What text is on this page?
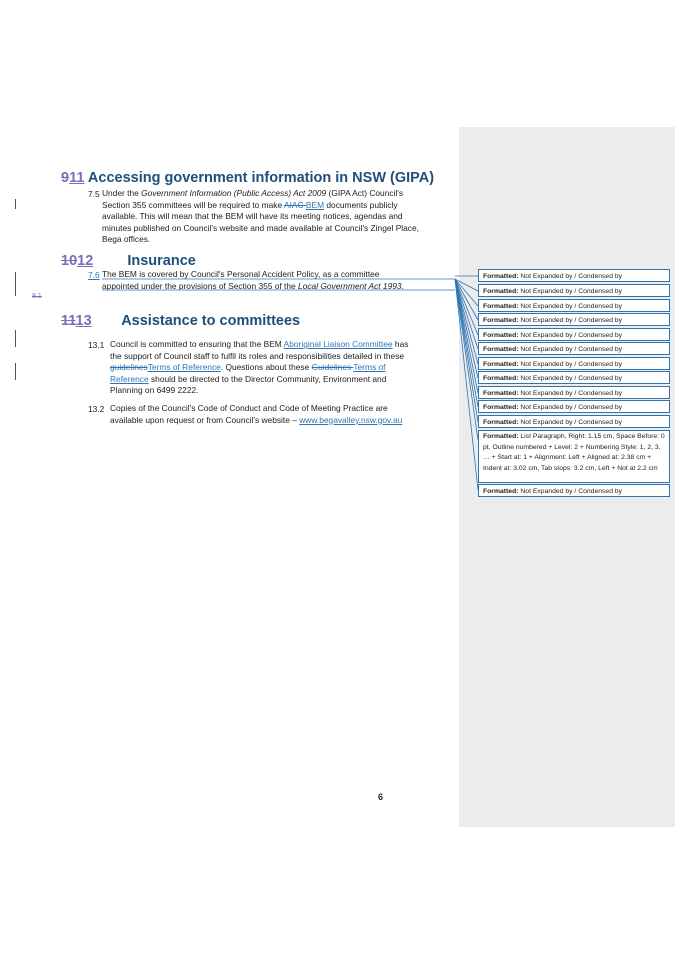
911 Accessing government information in NSW (GIPA)
7.5 Under the Government Information (Public Access) Act 2009 (GIPA Act) Council's
Section 355 committees will be required to make AIAC BEM documents publicly
available. This will mean that the BEM will have its meeting notices, agendas and
minutes published on Council's website and made available at Council's Zingel Place,
Bega offices.
1012 Insurance
8.1
7.6 The BEM is covered by Council's Personal Accident Policy, as a committee
appointed under the provisions of Section 355 of the Local Government Act 1993.
1113 Assistance to committees
13.1 Council is committed to ensuring that the BEM Aboriginal Liaison Committee has
the support of Council staff to fulfil its roles and responsibilities detailed in these
guidelinesTerms of Reference. Questions about these Guidelines Terms of
Reference should be directed to the Director Community, Environment and
Planning on 6499 2222.
13.2 Copies of the Council's Code of Conduct and Code of Meeting Practice are
available upon request or from Council's website – www.begavalley.nsw.gov.au
Formatted: Not Expanded by / Condensed by
Formatted: Not Expanded by / Condensed by
Formatted: Not Expanded by / Condensed by
Formatted: Not Expanded by / Condensed by
Formatted: Not Expanded by / Condensed by
Formatted: Not Expanded by / Condensed by
Formatted: Not Expanded by / Condensed by
Formatted: Not Expanded by / Condensed by
Formatted: Not Expanded by / Condensed by
Formatted: Not Expanded by / Condensed by
Formatted: Not Expanded by / Condensed by
Formatted: List Paragraph, Right: 1.15 cm, Space Before: 0 pt, Outline numbered + Level: 2 + Numbering Style: 1, 2, 3, … + Start at: 1 + Alignment: Left + Aligned at: 2.38 cm + Indent at: 3.02 cm, Tab stops: 3.2 cm, Left + Not at 2.2 cm
Formatted: Not Expanded by / Condensed by
6
